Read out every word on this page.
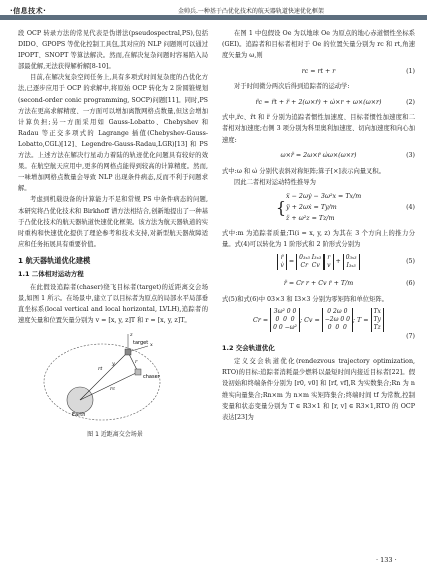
·信息技术·	金帅兵.一种基于凸优化技术的航天器轨道快速优化框架

段 OCP 转录方法的常见代表是伪谱法(pseudospectral,PS),包括 DIDO、GPOPS 等优化控制工具包,其对应的 NLP 问题则可以通过 IPOPT、SNOPT 等算法解决。然而,在解决复杂问题时容易陷入局部最优解,无法获得解析解[8-10]。

目前,在解决复杂空间任务上,具有多项式时间复杂度的凸优化方法,已逐步应用于 OCP 的求解中,将原始 OCP 转化为 2 阶圆锥规划(second-order conic programming, SOCP)问题[11]。同时,PS 方法在更高求解精度、一方面可以增加离散网格点数量,但这会增加计算负担;另一方面采用如 Gauss-Lobatto、Chebyshev 和 Radau 等正交多项式的 Lagrange 插值(Chebyshev-Gauss-Lobatto,CGL)[12]、Legendre-Gauss-Radau,LGR)[13] 和 PS 方法。上述方法在解决行星动力着陆的轨迹优化问题具有较好的效果。在航空航天应用中,更多的网格点能得到较高的计算精度。然而,一味增加网格点数量会导致 NLP 出现条件病态,反而不利于问题求解。

考虑到机载设备的计算能力不足和常规 PS 中条件病态的问题,本研究将凸优化技术和 Birkhoff 谱方法相结合,创新地提出了一种基于凸优化技术的航天器轨道快速优化框架。该方法为航天器轨道的实时重构和快速优化提供了理论参考和技术支持,对新型航天器故障适应和任务拓展具有重要价值。

1 航天器轨道优化建模
1.1 二体相对运动方程

在此假设追踪者(chaser)绕飞目标者(target)的近距离交会场景,如图 1 所示。在场景中,建立了以目标者为原点的局部水平局部垂直坐标系(local vertical and local horizontal, LVLH),追踪者的速度矢量和位置矢量分别为 v = [x, y, z]T 和 r = [x, y, z]T。

target
chaser
Earth
rt
rc
r
x
z
y
图 1 近距离交会场景

在图 1 中包假设 Oe 为以地球 Oe 为原点的地心赤道惯性坐标系(GEI)。追踪者和目标者相对于 Oe 的位置矢量分别为 rc 和 rt,角速度矢量为 ω,则

rc = rt + r	(1)

对于时间微分两次后得到追踪者的运动学:

r̈c = r̈t + r̈ + 2(ω×ṙ) + ω̇×r + ω×(ω×r)	(2)

式中,r̈c、r̈t 和 r̈ 分别为追踪者惯性加速度、目标者惯性加速度和二者相对加速度;右侧 3 项分别为科里奥利加速度、切向加速度和向心加速度:

ω×r̈ = 2ω×ṙ ω̇ω×(ω×r)	(3)

式中:ω 和 ω̇ 分别代表斜对称矩阵;算子[×]表示向量叉积。

因此二者相对运动特性推导为

{
ẍ − 2ωẏ − 3ω²x = Tx/m
ÿ + 2ωẋ = Ty/m
z̈ + ω²z = Tz/m
(4)

式中:m 为追踪者质量;Ti(i = x, y, z) 为其在 3 个方向上的推力分量。式(4)可以转化为 1 阶形式和 2 阶形式分别为

ṙ
v̇
=
0₃ₓ₃ I₃ₓ₃
Cr  Cv
r
v
+
0₃ₓ₃
I₃ₓ₃
(5)
r̈ = Cr r + Cv ṙ + T/m	(6)

式(5)和式(6)中 03×3 和 I3×3 分别为零矩阵和单位矩阵。

Cr =
3ω² 0 0
0  0  0
0 0 −ω²
; Cv =
0 2ω 0
−2ω 0 0
0  0  0
; T =
Tx
Ty
Tz
(7)
1.2 交会轨道优化

定义交会轨道优化(rendezvous trajectory optimization, RTO)的目标:追踪者消耗最少燃料以最短时间内接近目标者[22]。假设初始和终端条件分别为 [r0, v0] 和 [rf, vf],R 为实数集合;Rn 为 n 维实向量集合;Rn×m 为 n×m 实矩阵集合;终端时间 tf 为常数,控制变量和状态变量分别为 T ∈ R3×1 和 [r, v] ∈ R3×1,RTO 的 OCP 表达[23]为

· 133 ·
